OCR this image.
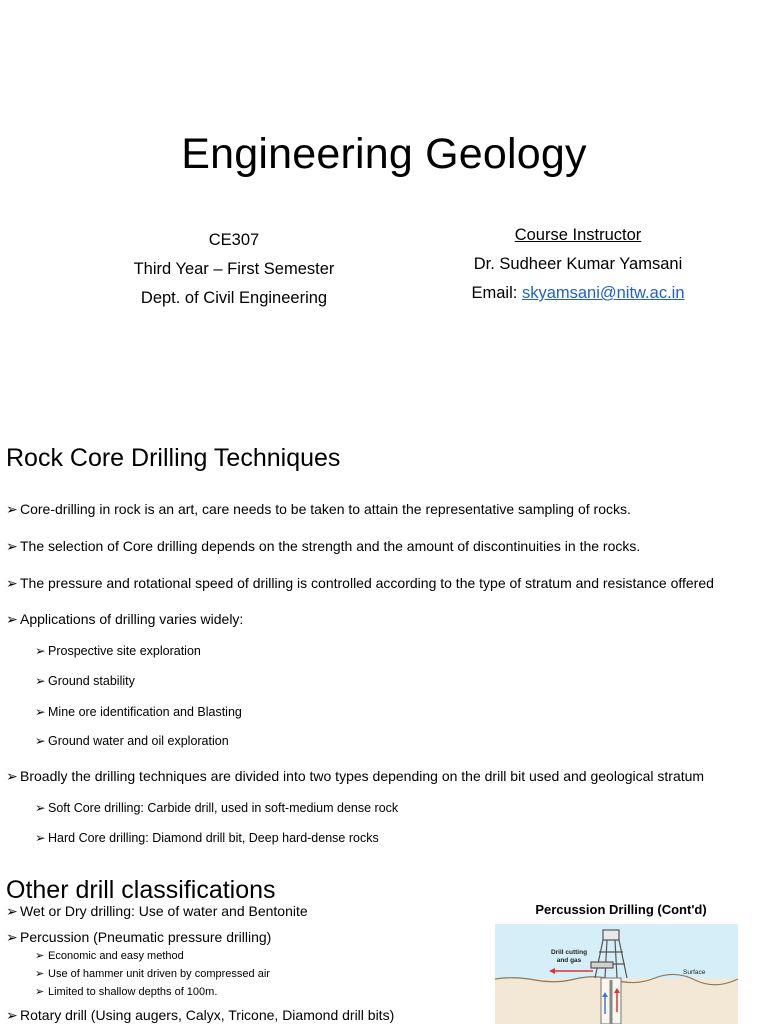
Engineering Geology
CE307
Third Year – First Semester
Dept. of Civil Engineering
Course Instructor
Dr. Sudheer Kumar Yamsani
Email: skyamsani@nitw.ac.in
Rock Core Drilling Techniques
➢ Core-drilling in rock is an art, care needs to be taken to attain the representative sampling of rocks.
➢ The selection of Core drilling depends on the strength and the amount of discontinuities in the rocks.
➢ The pressure and rotational speed of drilling is controlled according to the type of stratum and resistance offered
➢ Applications of drilling varies widely:
➢ Prospective site exploration
➢ Ground stability
➢ Mine ore identification and Blasting
➢ Ground water and oil exploration
➢ Broadly the drilling techniques are divided into two types depending on the drill bit used and geological stratum
➢ Soft Core drilling: Carbide drill, used in soft-medium dense rock
➢ Hard Core drilling: Diamond drill bit, Deep hard-dense rocks
Other drill classifications
➢ Wet or Dry drilling: Use of water and Bentonite
➢ Percussion (Pneumatic pressure drilling)
➢ Economic and easy method
➢ Use of hammer unit driven by compressed air
➢ Limited to shallow depths of 100m.
➢ Rotary drill (Using augers, Calyx, Tricone, Diamond drill bits)
Percussion Drilling (Cont'd)
Drill cutting
and gas
Surface
